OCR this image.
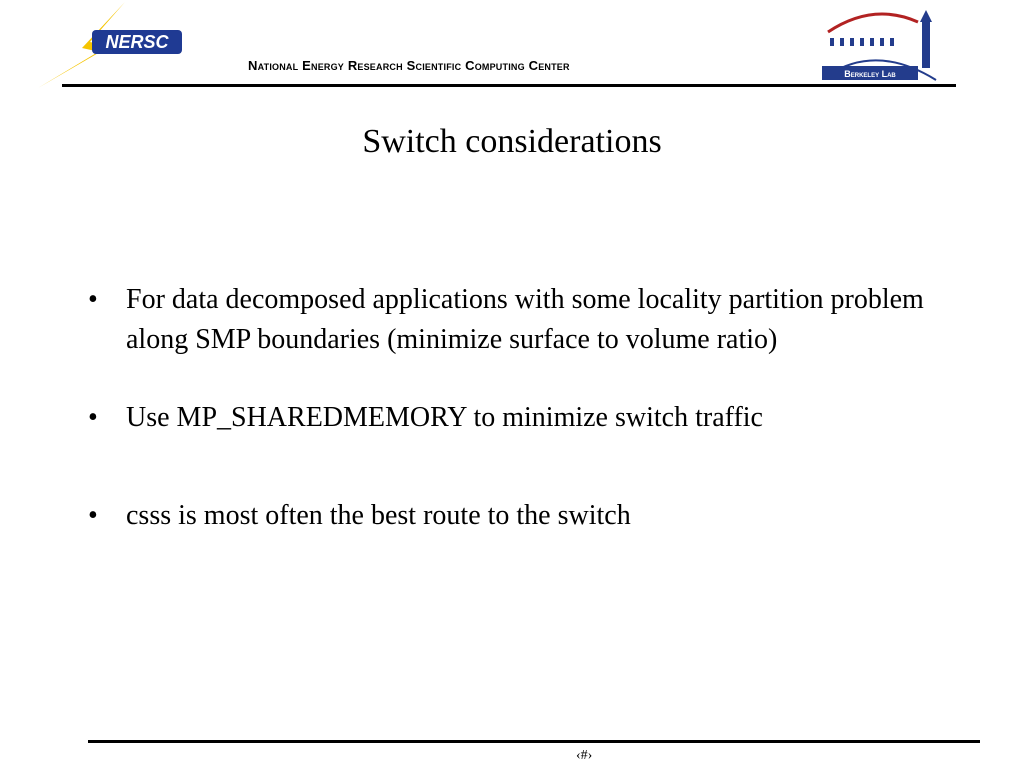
NERSC
National Energy Research Scientific Computing Center
Berkeley Lab
Switch considerations
• For data decomposed applications with some locality partition problem along SMP boundaries (minimize surface to volume ratio)
• Use MP_SHAREDMEMORY to minimize switch traffic
• csss is most often the best route to the switch
‹#›
